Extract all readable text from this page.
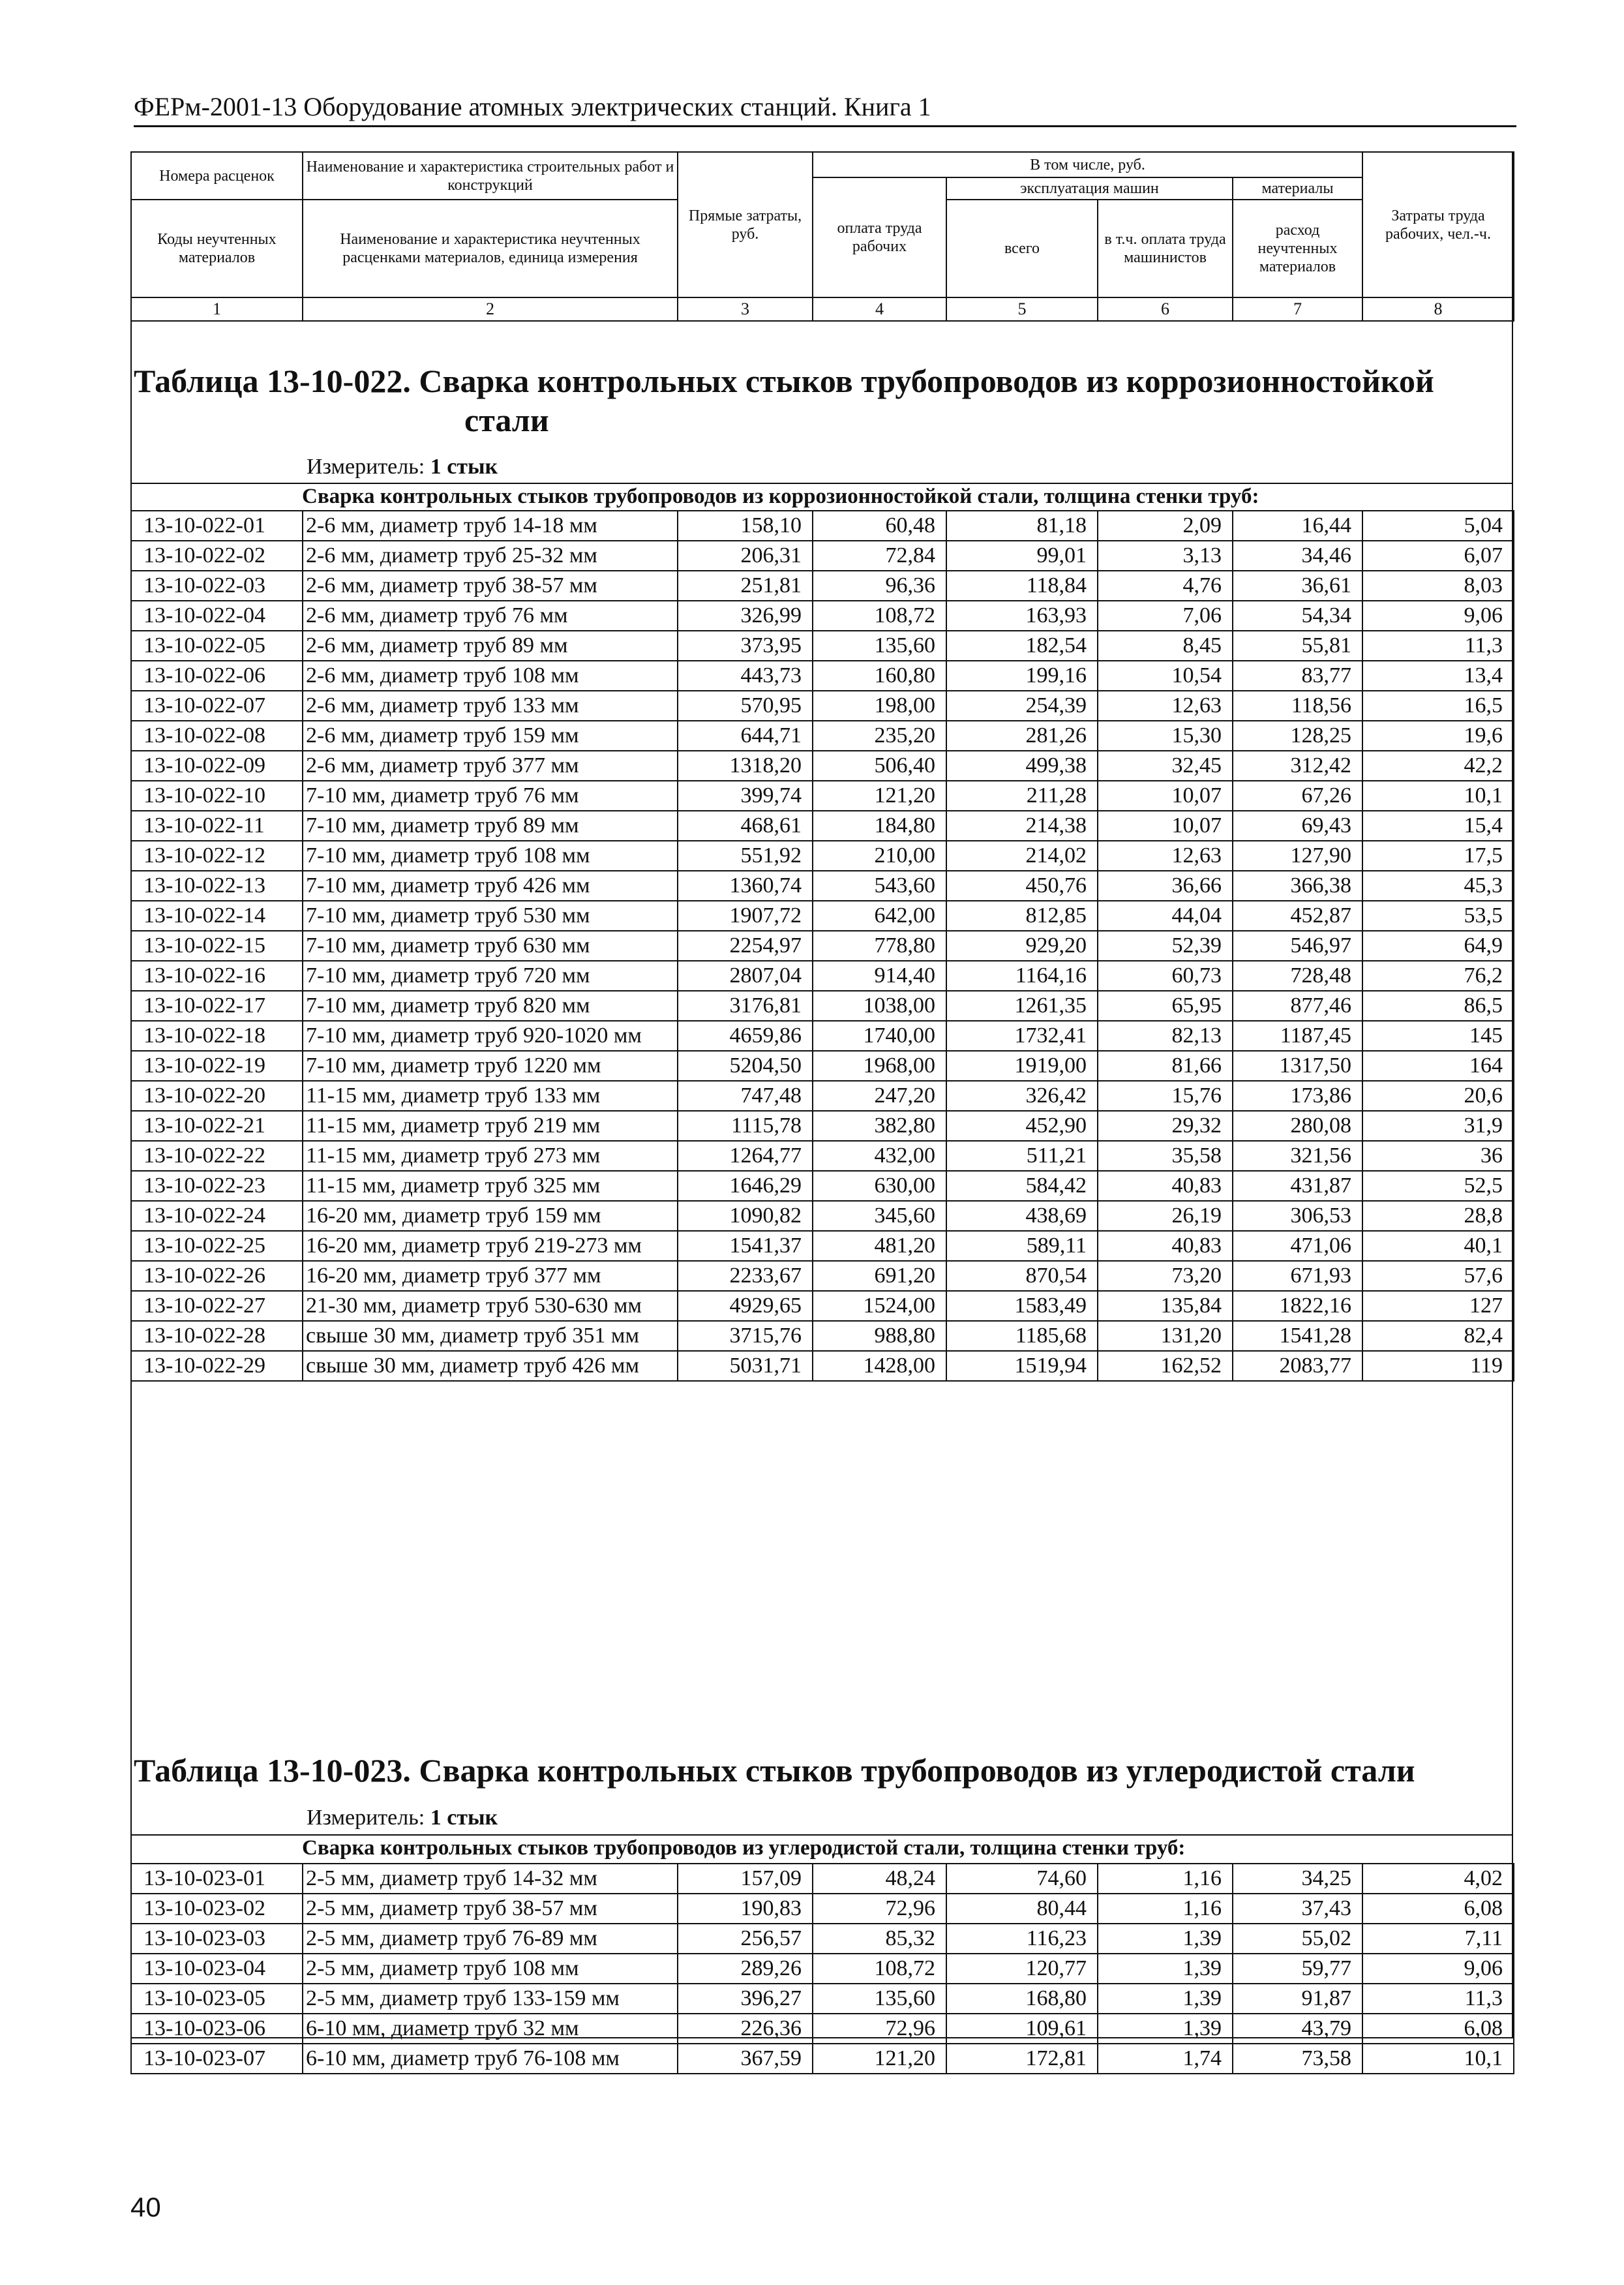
ФЕРм-2001-13 Оборудование атомных электрических станций. Книга 1
Номера расценок	Наименование и характеристика строительных работ и конструкций	Прямые затраты, руб.	В том числе, руб.				Затраты труда рабочих, чел.-ч.
			оплата труда рабочих	эксплуатация машин		материалы	
Коды неучтенных материалов	Наименование и характеристика неучтенных расценками материалов, единица измерения			всего	в т.ч. оплата труда машинистов	расход неучтенных материалов	
1	2	3	4	5	6	7	8
Таблица 13-10-022. Сварка контрольных стыков трубопроводов из коррозионностойкой
стали
Измеритель: 1 стык
Сварка контрольных стыков трубопроводов из коррозионностойкой стали, толщина стенки труб:
13-10-022-01	2-6 мм, диаметр труб 14-18 мм	158,10	60,48	81,18	2,09	16,44	5,04
13-10-022-02	2-6 мм, диаметр труб 25-32 мм	206,31	72,84	99,01	3,13	34,46	6,07
13-10-022-03	2-6 мм, диаметр труб 38-57 мм	251,81	96,36	118,84	4,76	36,61	8,03
13-10-022-04	2-6 мм, диаметр труб 76 мм	326,99	108,72	163,93	7,06	54,34	9,06
13-10-022-05	2-6 мм, диаметр труб 89 мм	373,95	135,60	182,54	8,45	55,81	11,3
13-10-022-06	2-6 мм, диаметр труб 108 мм	443,73	160,80	199,16	10,54	83,77	13,4
13-10-022-07	2-6 мм, диаметр труб 133 мм	570,95	198,00	254,39	12,63	118,56	16,5
13-10-022-08	2-6 мм, диаметр труб 159 мм	644,71	235,20	281,26	15,30	128,25	19,6
13-10-022-09	2-6 мм, диаметр труб 377 мм	1318,20	506,40	499,38	32,45	312,42	42,2
13-10-022-10	7-10 мм, диаметр труб 76 мм	399,74	121,20	211,28	10,07	67,26	10,1
13-10-022-11	7-10 мм, диаметр труб 89 мм	468,61	184,80	214,38	10,07	69,43	15,4
13-10-022-12	7-10 мм, диаметр труб 108 мм	551,92	210,00	214,02	12,63	127,90	17,5
13-10-022-13	7-10 мм, диаметр труб 426 мм	1360,74	543,60	450,76	36,66	366,38	45,3
13-10-022-14	7-10 мм, диаметр труб 530 мм	1907,72	642,00	812,85	44,04	452,87	53,5
13-10-022-15	7-10 мм, диаметр труб 630 мм	2254,97	778,80	929,20	52,39	546,97	64,9
13-10-022-16	7-10 мм, диаметр труб 720 мм	2807,04	914,40	1164,16	60,73	728,48	76,2
13-10-022-17	7-10 мм, диаметр труб 820 мм	3176,81	1038,00	1261,35	65,95	877,46	86,5
13-10-022-18	7-10 мм, диаметр труб 920-1020 мм	4659,86	1740,00	1732,41	82,13	1187,45	145
13-10-022-19	7-10 мм, диаметр труб 1220 мм	5204,50	1968,00	1919,00	81,66	1317,50	164
13-10-022-20	11-15 мм, диаметр труб 133 мм	747,48	247,20	326,42	15,76	173,86	20,6
13-10-022-21	11-15 мм, диаметр труб 219 мм	1115,78	382,80	452,90	29,32	280,08	31,9
13-10-022-22	11-15 мм, диаметр труб 273 мм	1264,77	432,00	511,21	35,58	321,56	36
13-10-022-23	11-15 мм, диаметр труб 325 мм	1646,29	630,00	584,42	40,83	431,87	52,5
13-10-022-24	16-20 мм, диаметр труб 159 мм	1090,82	345,60	438,69	26,19	306,53	28,8
13-10-022-25	16-20 мм, диаметр труб 219-273 мм	1541,37	481,20	589,11	40,83	471,06	40,1
13-10-022-26	16-20 мм, диаметр труб 377 мм	2233,67	691,20	870,54	73,20	671,93	57,6
13-10-022-27	21-30 мм, диаметр труб 530-630 мм	4929,65	1524,00	1583,49	135,84	1822,16	127
13-10-022-28	свыше 30 мм, диаметр труб 351 мм	3715,76	988,80	1185,68	131,20	1541,28	82,4
13-10-022-29	свыше 30 мм, диаметр труб 426 мм	5031,71	1428,00	1519,94	162,52	2083,77	119
Таблица 13-10-023. Сварка контрольных стыков трубопроводов из углеродистой стали
Измеритель: 1 стык
Сварка контрольных стыков трубопроводов из углеродистой стали, толщина стенки труб:
13-10-023-01	2-5 мм, диаметр труб 14-32 мм	157,09	48,24	74,60	1,16	34,25	4,02
13-10-023-02	2-5 мм, диаметр труб 38-57 мм	190,83	72,96	80,44	1,16	37,43	6,08
13-10-023-03	2-5 мм, диаметр труб 76-89 мм	256,57	85,32	116,23	1,39	55,02	7,11
13-10-023-04	2-5 мм, диаметр труб 108 мм	289,26	108,72	120,77	1,39	59,77	9,06
13-10-023-05	2-5 мм, диаметр труб 133-159 мм	396,27	135,60	168,80	1,39	91,87	11,3
13-10-023-06	6-10 мм, диаметр труб 32 мм	226,36	72,96	109,61	1,39	43,79	6,08
13-10-023-07	6-10 мм, диаметр труб 76-108 мм	367,59	121,20	172,81	1,74	73,58	10,1
40
